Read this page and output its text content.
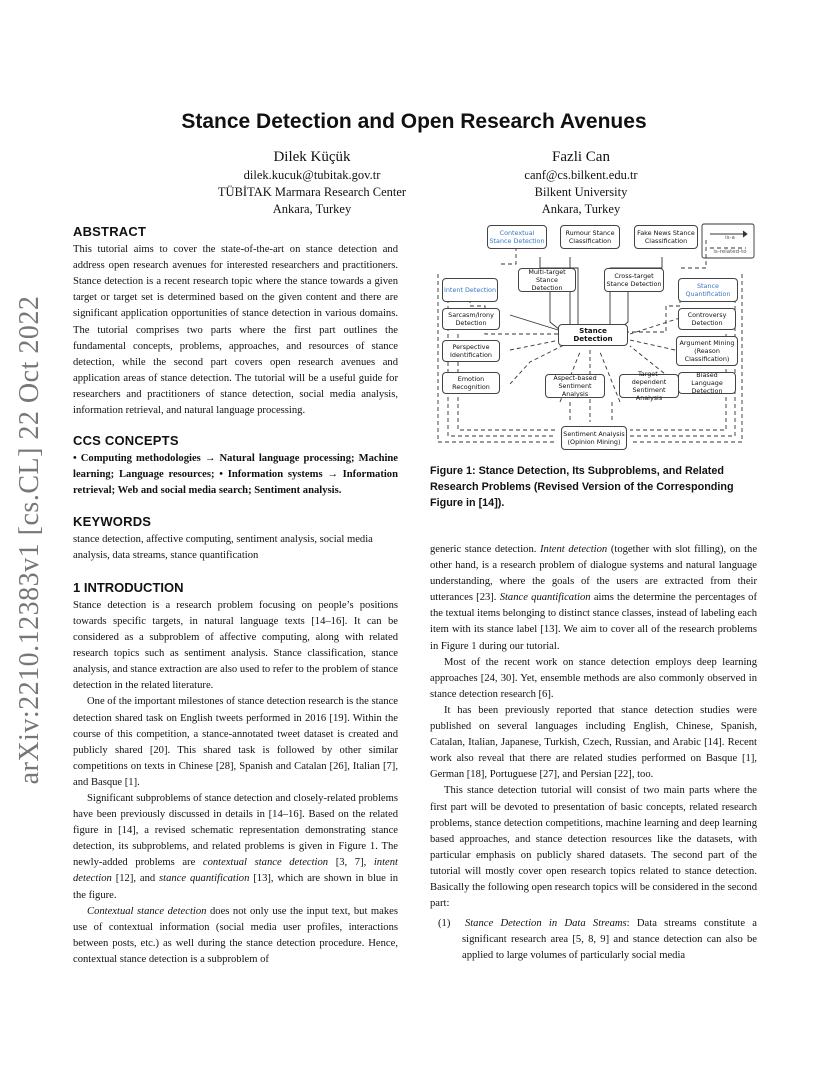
arXiv:2210.12383v1 [cs.CL] 22 Oct 2022
Stance Detection and Open Research Avenues
Dilek Küçük
dilek.kucuk@tubitak.gov.tr
TÜBİTAK Marmara Research Center
Ankara, Turkey
Fazli Can
canf@cs.bilkent.edu.tr
Bilkent University
Ankara, Turkey
ABSTRACT

This tutorial aims to cover the state-of-the-art on stance detection and address open research avenues for interested researchers and practitioners. Stance detection is a recent research topic where the stance towards a given target or target set is determined based on the given content and there are significant application opportunities of stance detection in various domains. The tutorial comprises two parts where the first part outlines the fundamental concepts, problems, approaches, and resources of stance detection, while the second part covers open research avenues and application areas of stance detection. The tutorial will be a useful guide for researchers and practitioners of stance detection, social media analysis, information retrieval, and natural language processing.

CCS CONCEPTS

• Computing methodologies → Natural language processing; Machine learning; Language resources; • Information systems → Information retrieval; Web and social media search; Sentiment analysis.

KEYWORDS

stance detection, affective computing, sentiment analysis, social media analysis, data streams, stance quantification

1 INTRODUCTION

Stance detection is a research problem focusing on people’s positions towards specific targets, in natural language texts [14–16]. It can be considered as a subproblem of affective computing, along with related research topics such as sentiment analysis. Stance classification, stance analysis, and stance extraction are also used to refer to the problem of stance detection in the related literature.

One of the important milestones of stance detection research is the stance detection shared task on English tweets performed in 2016 [19]. Within the course of this competition, a stance-annotated tweet dataset is created and publicly shared [20]. This shared task is followed by other similar competitions on texts in Chinese [28], Spanish and Catalan [26], Italian [7], and Basque [1].

Significant subproblems of stance detection and closely-related problems have been previously discussed in details in [14–16]. Based on the related figure in [14], a revised schematic representation demonstrating stance detection, its subproblems, and related problems is given in Figure 1. The newly-added problems are contextual stance detection [3, 7], intent detection [12], and stance quantification [13], which are shown in blue in the figure.

Contextual stance detection does not only use the input text, but makes use of contextual information (social media user profiles, interactions between posts, etc.) as well during the stance detection procedure. Hence, contextual stance detection is a subproblem of

is-a
is-related-to
Contextual Stance Detection
Rumour Stance Classification
Fake News Stance Classification
Intent Detection
Multi-target Stance Detection
Cross-target Stance Detection	Stance Quantification
Sarcasm/Irony Detection
Stance Detection
Controversy Detection
Perspective Identification
Argument Mining (Reason Classification)
Emotion Recognition
Aspect-based Sentiment Analysis
Target-dependent Sentiment Analysis
Biased Language Detection
Sentiment Analysis (Opinion Mining)
Figure 1: Stance Detection, Its Subproblems, and Related Research Problems (Revised Version of the Corresponding Figure in [14]).

generic stance detection. Intent detection (together with slot filling), on the other hand, is a research problem of dialogue systems and natural language understanding, where the goals of the users are extracted from their utterances [23]. Stance quantification aims the determine the percentages of the textual items belonging to distinct stance classes, instead of labeling each item with its stance label [13]. We aim to cover all of the research problems in Figure 1 during our tutorial.

Most of the recent work on stance detection employs deep learning approaches [24, 30]. Yet, ensemble methods are also commonly observed in stance detection research [6].

It has been previously reported that stance detection studies were published on several languages including English, Chinese, Spanish, Catalan, Italian, Japanese, Turkish, Czech, Russian, and Arabic [14]. Recent work also reveal that there are related studies performed on Basque [1], German [18], Portuguese [27], and Persian [22], too.

This stance detection tutorial will consist of two main parts where the first part will be devoted to presentation of basic concepts, related research problems, stance detection competitions, machine learning and deep learning based approaches, and stance detection resources like the datasets, with particular emphasis on publicly shared datasets. The second part of the tutorial will mostly cover open research topics related to stance detection. Basically the following open research topics will be considered in the second part:

(1) Stance Detection in Data Streams: Data streams constitute a significant research area [5, 8, 9] and stance detection can also be applied to large volumes of particularly social media
